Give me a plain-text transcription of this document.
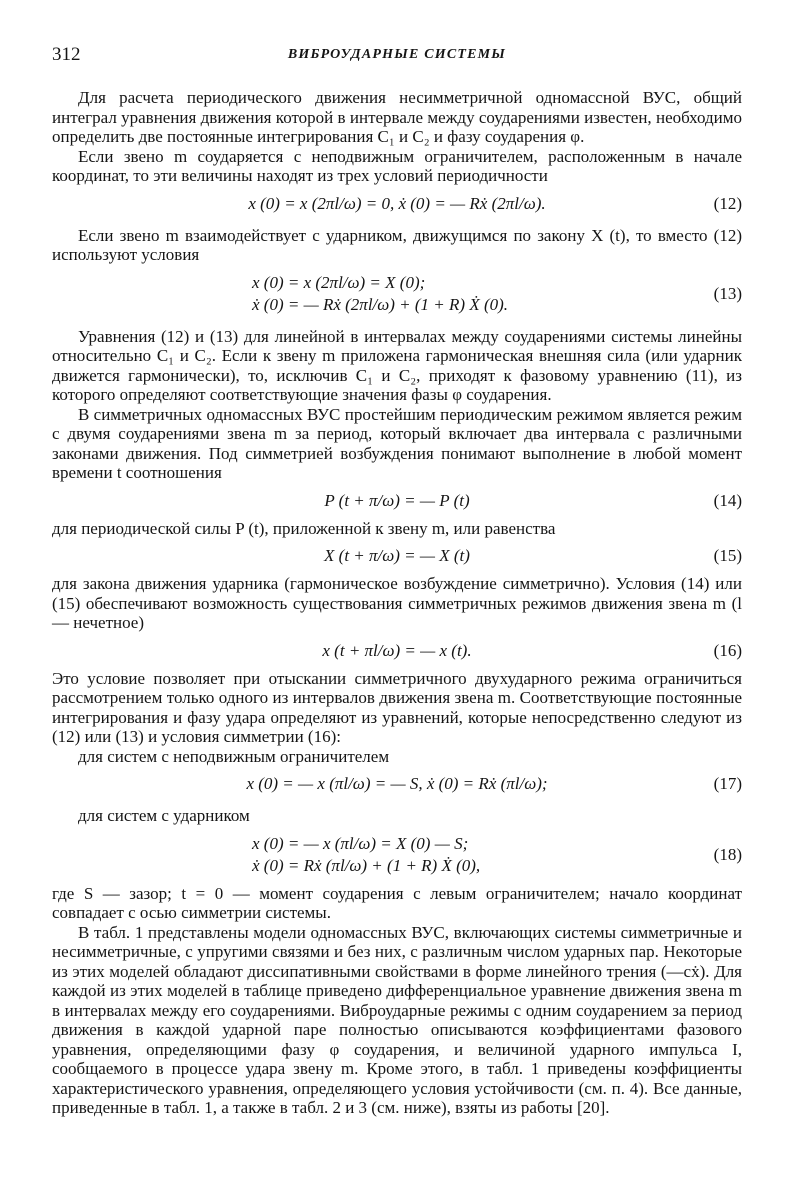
312	ВИБРОУДАРНЫЕ СИСТЕМЫ

Для расчета периодического движения несимметричной одномассной ВУС, общий интеграл уравнения движения которой в интервале между соударениями известен, необходимо определить две постоянные интегрирования C₁ и C₂ и фазу соударения φ.

Если звено m соударяется с неподвижным ограничителем, расположенным в начале координат, то эти величины находят из трех условий периодичности

x (0) = x (2πl/ω) = 0, ẋ (0) = — Rẋ (2πl/ω).	(12)

Если звено m взаимодействует с ударником, движущимся по закону X (t), то вместо (12) используют условия

x (0) = x (2πl/ω) = X (0);
ẋ (0) = — Rẋ (2πl/ω) + (1 + R) Ẋ (0).
(13)

Уравнения (12) и (13) для линейной в интервалах между соударениями системы линейны относительно C₁ и C₂. Если к звену m приложена гармоническая внешняя сила (или ударник движется гармонически), то, исключив C₁ и C₂, приходят к фазовому уравнению (11), из которого определяют соответствующие значения фазы φ соударения.

В симметричных одномассных ВУС простейшим периодическим режимом является режим с двумя соударениями звена m за период, который включает два интервала с различными законами движения. Под симметрией возбуждения понимают выполнение в любой момент времени t соотношения

P (t + π/ω) = — P (t)	(14)

для периодической силы P (t), приложенной к звену m, или равенства

X (t + π/ω) = — X (t)	(15)

для закона движения ударника (гармоническое возбуждение симметрично). Условия (14) или (15) обеспечивают возможность существования симметричных режимов движения звена m (l — нечетное)

x (t + πl/ω) = — x (t).	(16)

Это условие позволяет при отыскании симметричного двухударного режима ограничиться рассмотрением только одного из интервалов движения звена m. Соответствующие постоянные интегрирования и фазу удара определяют из уравнений, которые непосредственно следуют из (12) или (13) и условия симметрии (16):

для систем с неподвижным ограничителем

x (0) = — x (πl/ω) = — S, ẋ (0) = Rẋ (πl/ω);	(17)

для систем с ударником

x (0) = — x (πl/ω) = X (0) — S;
ẋ (0) = Rẋ (πl/ω) + (1 + R) Ẋ (0),
(18)

где S — зазор; t = 0 — момент соударения с левым ограничителем; начало координат совпадает с осью симметрии системы.

В табл. 1 представлены модели одномассных ВУС, включающих системы симметричные и несимметричные, с упругими связями и без них, с различным числом ударных пар. Некоторые из этих моделей обладают диссипативными свойствами в форме линейного трения (—cẋ). Для каждой из этих моделей в таблице приведено дифференциальное уравнение движения звена m в интервалах между его соударениями. Виброударные режимы с одним соударением за период движения в каждой ударной паре полностью описываются коэффициентами фазового уравнения, определяющими фазу φ соударения, и величиной ударного импульса I, сообщаемого в процессе удара звену m. Кроме этого, в табл. 1 приведены коэффициенты характеристического уравнения, определяющего условия устойчивости (см. п. 4). Все данные, приведенные в табл. 1, а также в табл. 2 и 3 (см. ниже), взяты из работы [20].
